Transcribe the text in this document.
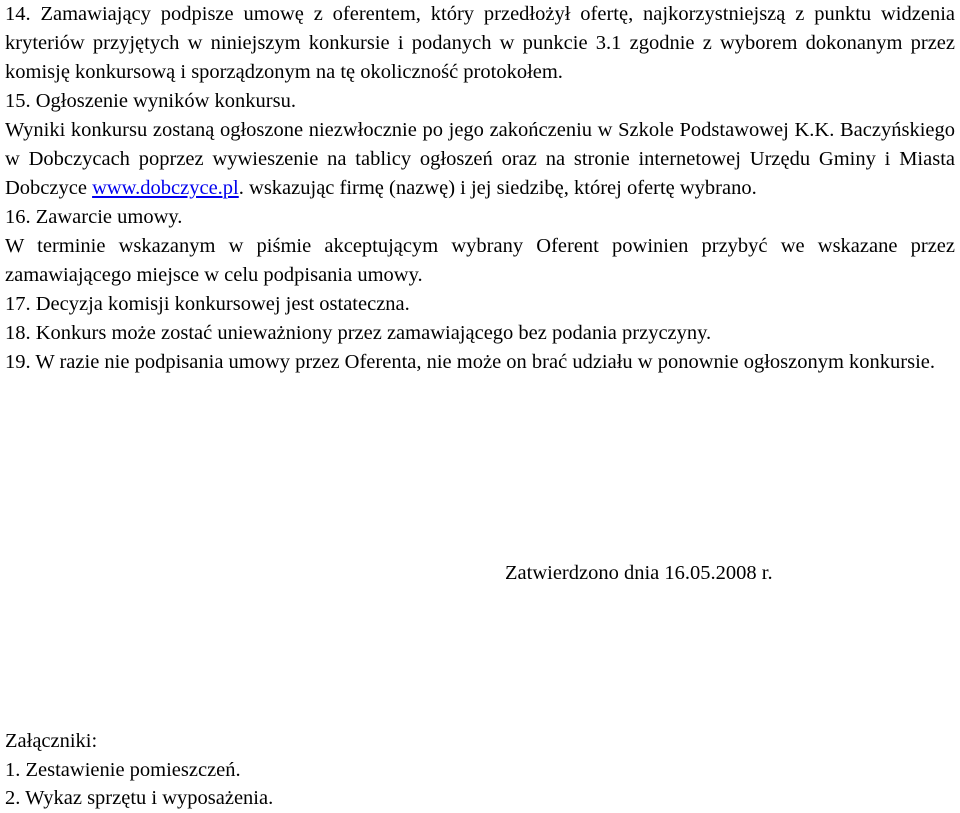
14. Zamawiający podpisze umowę z oferentem, który przedłożył ofertę, najkorzystniejszą z punktu widzenia kryteriów przyjętych w niniejszym konkursie i podanych w punkcie 3.1 zgodnie z wyborem dokonanym przez komisję konkursową i sporządzonym na tę okoliczność protokołem.

15. Ogłoszenie wyników konkursu.

Wyniki konkursu zostaną ogłoszone niezwłocznie po jego zakończeniu w Szkole Podstawowej K.K. Baczyńskiego w Dobczycach poprzez wywieszenie na tablicy ogłoszeń oraz na stronie internetowej Urzędu Gminy i Miasta Dobczyce www.dobczyce.pl. wskazując firmę (nazwę) i jej siedzibę, której ofertę wybrano.

16. Zawarcie umowy.

W terminie wskazanym w piśmie akceptującym wybrany Oferent powinien przybyć we wskazane przez zamawiającego miejsce w celu podpisania umowy.

17. Decyzja komisji konkursowej jest ostateczna.

18. Konkurs może zostać unieważniony przez zamawiającego bez podania przyczyny.

19. W razie nie podpisania umowy przez Oferenta, nie może on brać udziału w ponownie ogłoszonym konkursie.

Zatwierdzono dnia 16.05.2008 r.

Załączniki:

1. Zestawienie pomieszczeń.

2. Wykaz sprzętu i wyposażenia.
